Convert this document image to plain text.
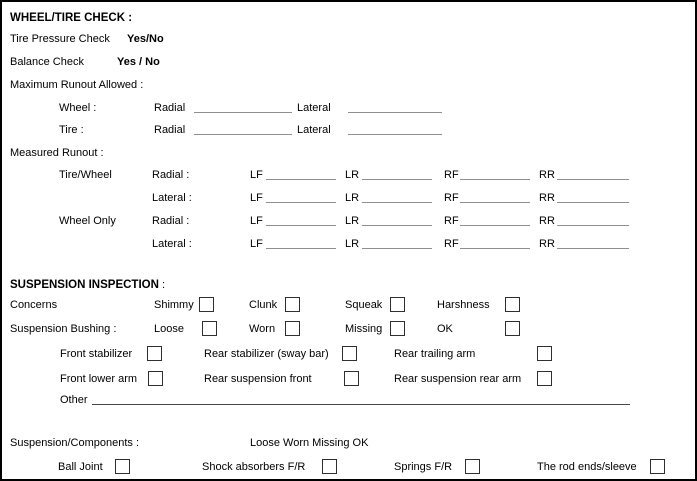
WHEEL/TIRE CHECK :
Tire Pressure Check Yes/No
Balance Check	Yes / No
Maximum Runout Allowed :
Wheel :	Radial	Lateral
Tire :	Radial	Lateral
Measured Runout :
Tire/Wheel	Radial :	LF	LR	RF	RR
Lateral :	LF	LR	RF	RR
Wheel Only	Radial :	LF	LR	RF	RR
Lateral :	LF	LR	RF	RR
SUSPENSION INSPECTION :
Concerns	Shimmy	Clunk	Squeak	Harshness
Suspension Bushing :	Loose	Worn	Missing	OK
Front stabilizer	Rear stabilizer (sway bar)	Rear trailing arm
Front lower arm	Rear suspension front	Rear suspension rear arm
Other
Suspension/Components :	Loose Worn Missing OK
Ball Joint	Shock absorbers F/R	Springs F/R	The rod ends/sleeve
